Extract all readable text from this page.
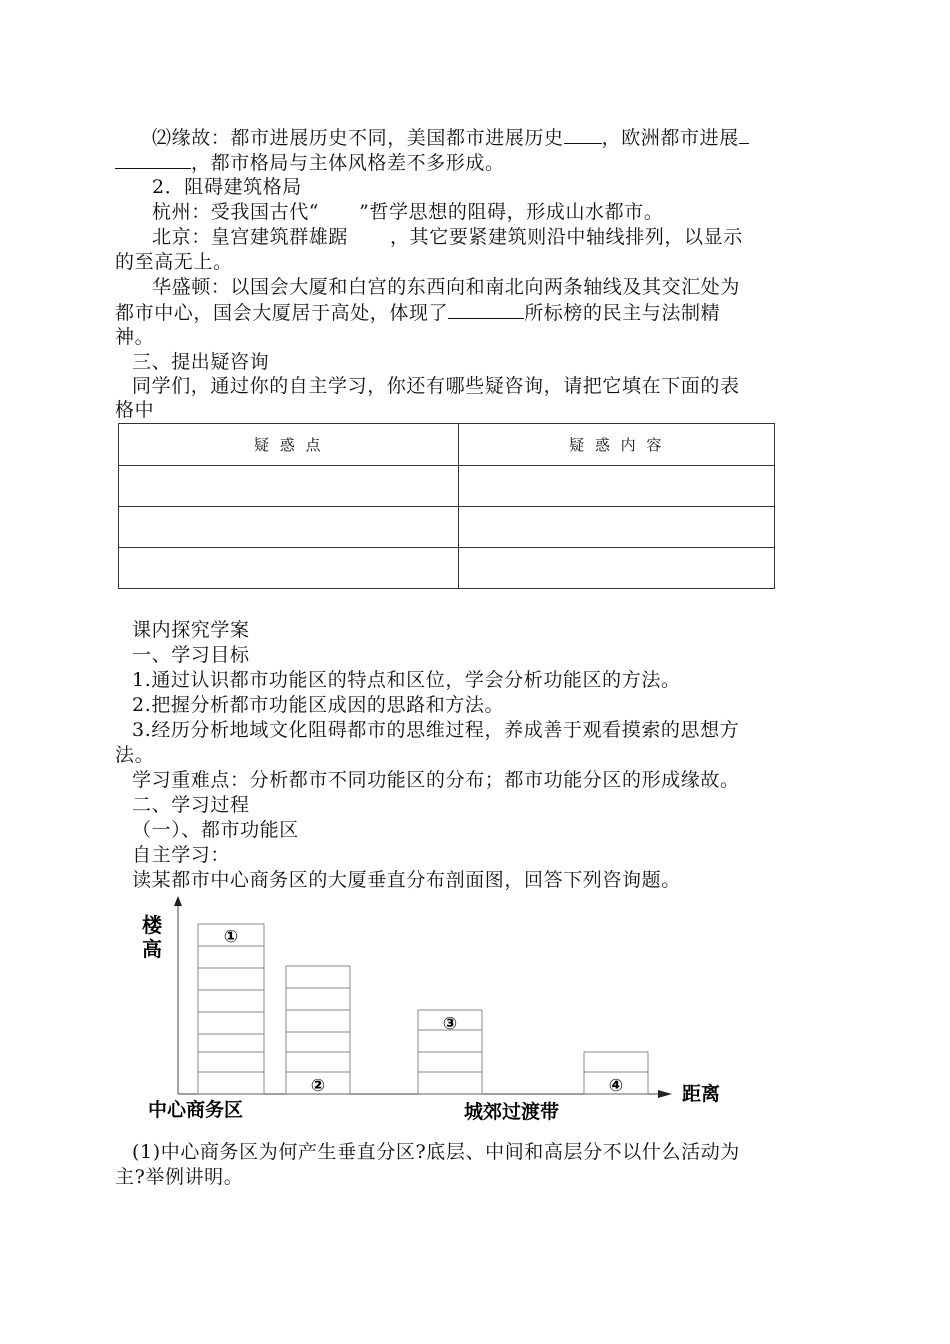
⑵缘故：都市进展历史不同，美国都市进展历史 ，欧洲都市进展
，都市格局与主体风格差不多形成。
2．阻碍建筑格局
杭州：受我国古代“ ”哲学思想的阻碍，形成山水都市。
北京：皇宫建筑群雄踞 ，其它要紧建筑则沿中轴线排列，以显示
的至高无上。
华盛顿：以国会大厦和白宫的东西向和南北向两条轴线及其交汇处为
都市中心，国会大厦居于高处，体现了	所标榜的民主与法制精
神。
三、提出疑咨询
同学们，通过你的自主学习，你还有哪些疑咨询，请把它填在下面的表
格中
疑 惑 点	疑 惑 内 容

课内探究学案
一、学习目标
1.通过认识都市功能区的特点和区位，学会分析功能区的方法。
2.把握分析都市功能区成因的思路和方法。
3.经历分析地域文化阻碍都市的思维过程，养成善于观看摸索的思想方
法。
学习重难点：分析都市不同功能区的分布；都市功能分区的形成缘故。
二、学习过程
（一）、都市功能区
自主学习：
读某都市中心商务区的大厦垂直分布剖面图，回答下列咨询题。
①
②
③
④
楼
高
距离
中心商务区	城郊过渡带
(1)中心商务区为何产生垂直分区?底层、中间和高层分不以什么活动为
主?举例讲明。
